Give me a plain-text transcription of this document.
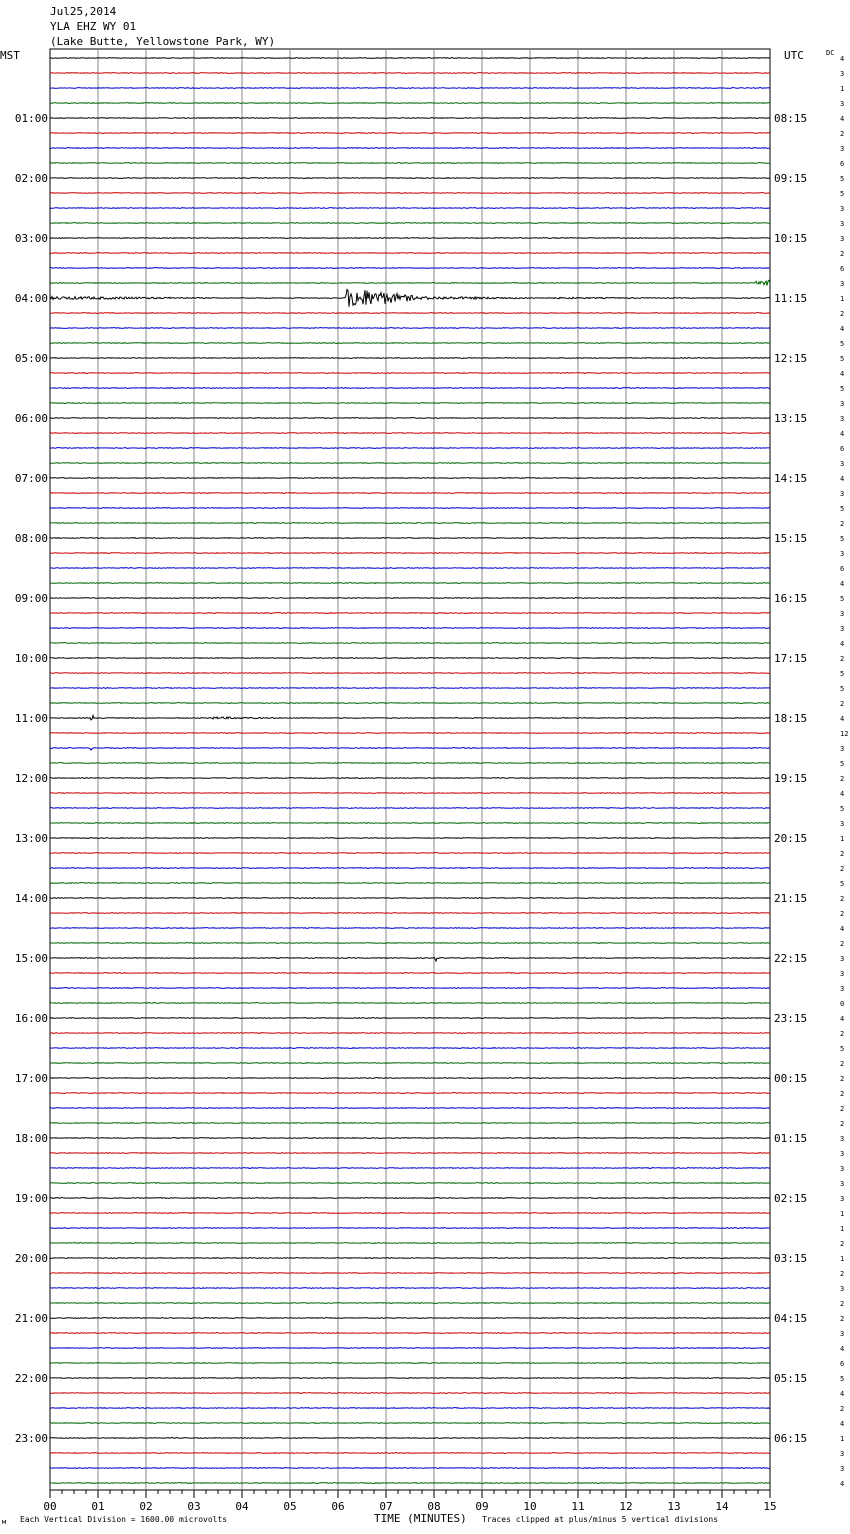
Jul25,2014
YLA EHZ WY 01
(Lake Butte, Yellowstone Park, WY)
MST	UTC	DC
4
3
1
3
4
2
3
6
5
5
3
3
3
2
6
3
1
2
4
5
5
4
5
3
3
4
6
3
4
3
5
2
5
3
6
4
5
3
3
4
2
5
5
2
4
12
3
5
2
4
5
3
1
2
2
5
2
2
4
2
3
3
3
0
4
2
5
2
2
2
2
2
3
3
3
3
3
1
1
2
1
2
3
2
2
3
4
6
5
4
2
4
1
3
3
4
01:00
02:00
03:00
04:00
05:00
06:00
07:00
08:00
09:00
10:00
11:00
12:00
13:00
14:00
15:00
16:00
17:00
18:00
19:00
20:00
21:00
22:00
23:00
08:15
09:15
10:15
11:15
12:15
13:15
14:15
15:15
16:15
17:15
18:15
19:15
20:15
21:15
22:15
23:15
00:15
01:15
02:15
03:15
04:15
05:15
06:15
00	01	02	03	04	05	06	07	08	09	10	11	12	13	14	15
Each Vertical Division = 1600.00 microvolts	TIME (MINUTES) Traces clipped at plus/minus 5 vertical divisions
м
